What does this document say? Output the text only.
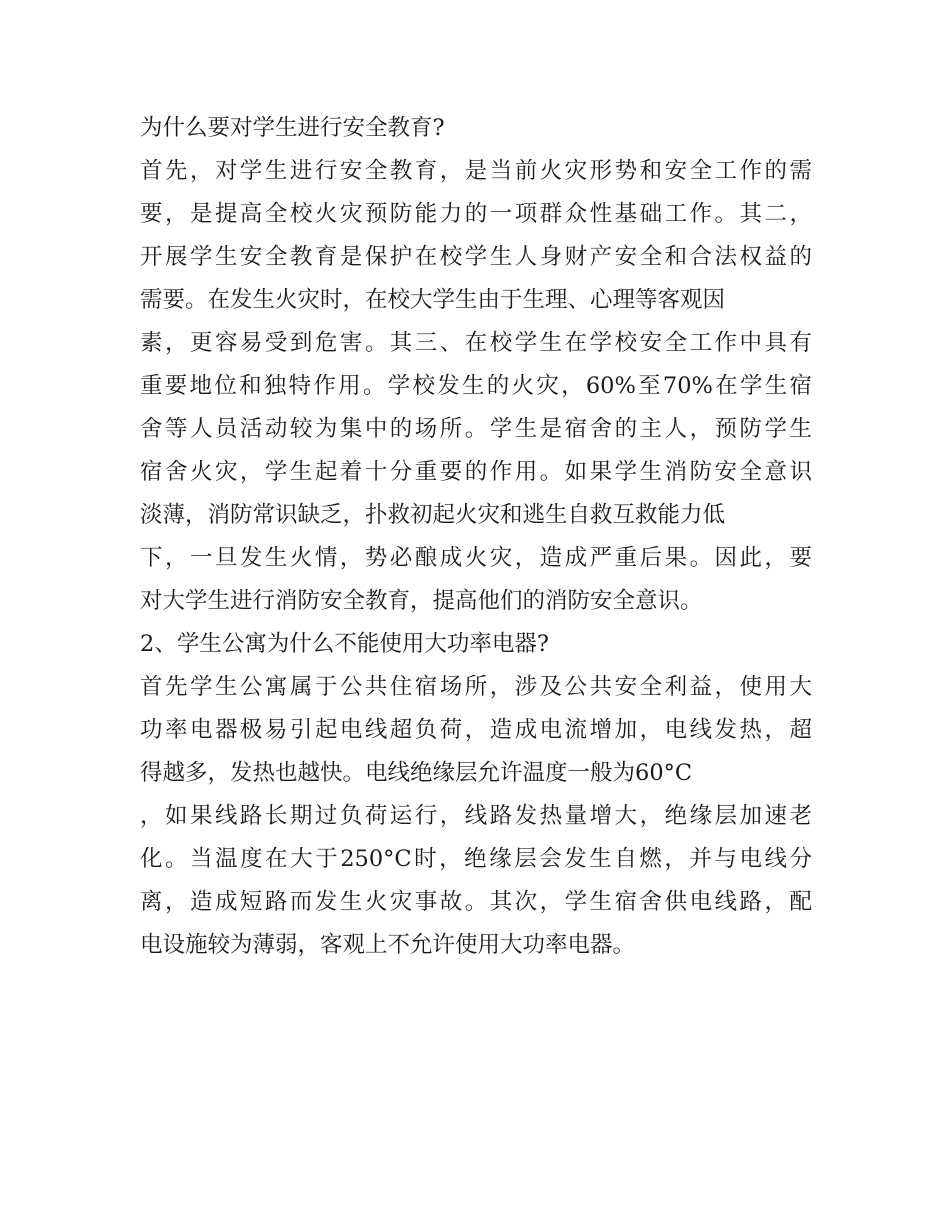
为什么要对学生进行安全教育?
首先，对学生进行安全教育，是当前火灾形势和安全工作的需
要，是提高全校火灾预防能力的一项群众性基础工作。其二，
开展学生安全教育是保护在校学生人身财产安全和合法权益的
需要。在发生火灾时，在校大学生由于生理、心理等客观因
素，更容易受到危害。其三、在校学生在学校安全工作中具有
重要地位和独特作用。学校发生的火灾，60%至70%在学生宿
舍等人员活动较为集中的场所。学生是宿舍的主人，预防学生
宿舍火灾，学生起着十分重要的作用。如果学生消防安全意识
淡薄，消防常识缺乏，扑救初起火灾和逃生自救互救能力低
下，一旦发生火情，势必酿成火灾，造成严重后果。因此，要
对大学生进行消防安全教育，提高他们的消防安全意识。
2、学生公寓为什么不能使用大功率电器?
首先学生公寓属于公共住宿场所，涉及公共安全利益，使用大
功率电器极易引起电线超负荷，造成电流增加，电线发热，超
得越多，发热也越快。电线绝缘层允许温度一般为60°C
，如果线路长期过负荷运行，线路发热量增大，绝缘层加速老
化。当温度在大于250°C时，绝缘层会发生自燃，并与电线分
离，造成短路而发生火灾事故。其次，学生宿舍供电线路，配
电设施较为薄弱，客观上不允许使用大功率电器。
